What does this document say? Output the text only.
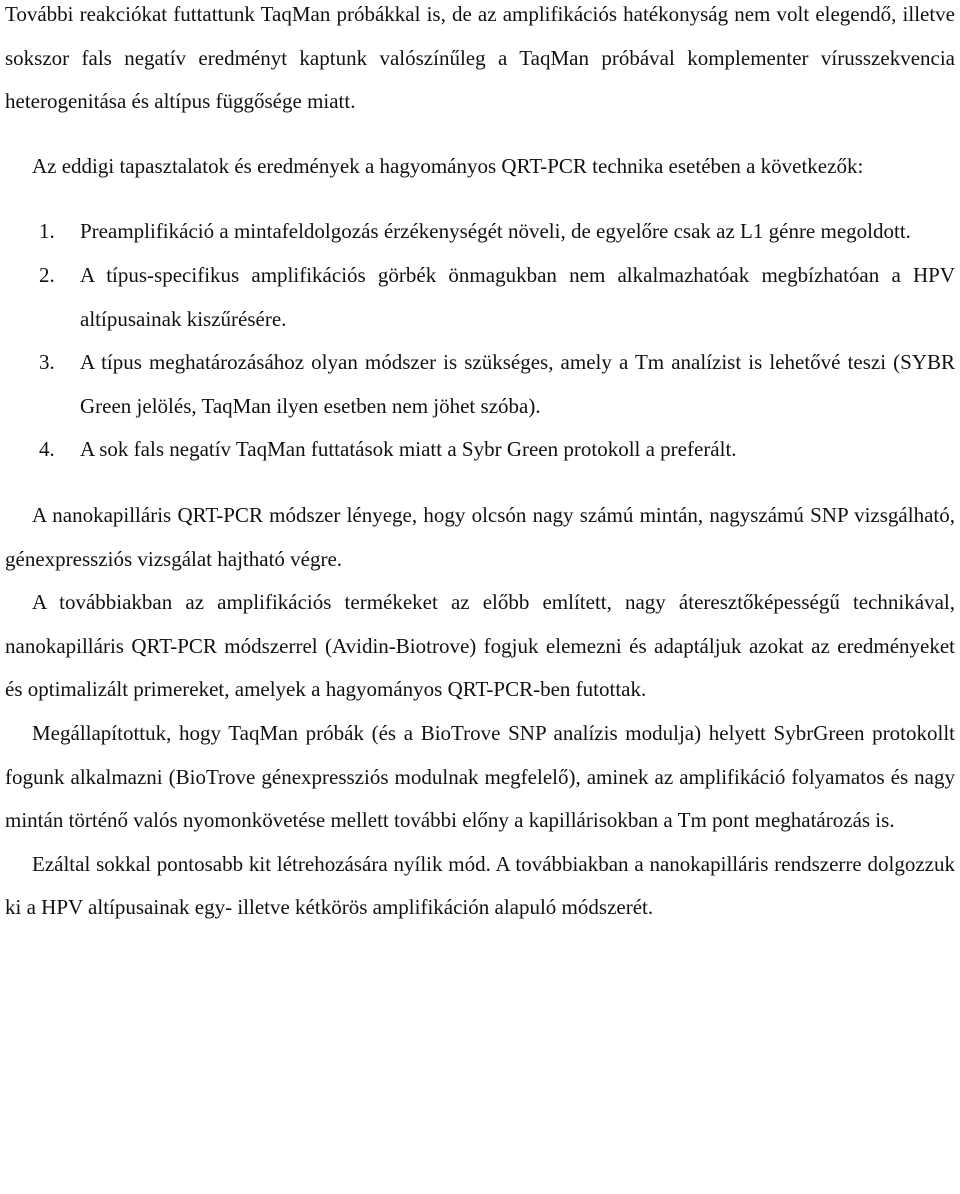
További reakciókat futtattunk TaqMan próbákkal is, de az amplifikációs hatékonyság nem volt elegendő, illetve sokszor fals negatív eredményt kaptunk valószínűleg a TaqMan próbával komplementer vírusszekvencia heterogenitása és altípus függősége miatt.

Az eddigi tapasztalatok és eredmények a hagyományos QRT-PCR technika esetében a következők:

1.	Preamplifikáció a mintafeldolgozás érzékenységét növeli, de egyelőre csak az L1 génre megoldott.
2.	A típus-specifikus amplifikációs görbék önmagukban nem alkalmazhatóak megbízhatóan a HPV altípusainak kiszűrésére.
3.	A típus meghatározásához olyan módszer is szükséges, amely a Tm analízist is lehetővé teszi (SYBR Green jelölés, TaqMan ilyen esetben nem jöhet szóba).
4.	A sok fals negatív TaqMan futtatások miatt a Sybr Green protokoll a preferált.

A nanokapilláris QRT-PCR módszer lényege, hogy olcsón nagy számú mintán, nagyszámú SNP vizsgálható, génexpressziós vizsgálat hajtható végre.

A továbbiakban az amplifikációs termékeket az előbb említett, nagy áteresztőképességű technikával, nanokapilláris QRT-PCR módszerrel (Avidin-Biotrove) fogjuk elemezni és adaptáljuk azokat az eredményeket és optimalizált primereket, amelyek a hagyományos QRT-PCR-ben futottak.

Megállapítottuk, hogy TaqMan próbák (és a BioTrove SNP analízis modulja) helyett SybrGreen protokollt fogunk alkalmazni (BioTrove génexpressziós modulnak megfelelő), aminek az amplifikáció folyamatos és nagy mintán történő valós nyomonkövetése mellett további előny a kapillárisokban a Tm pont meghatározás is.

Ezáltal sokkal pontosabb kit létrehozására nyílik mód. A továbbiakban a nanokapilláris rendszerre dolgozzuk ki a HPV altípusainak egy- illetve kétkörös amplifikáción alapuló módszerét.
